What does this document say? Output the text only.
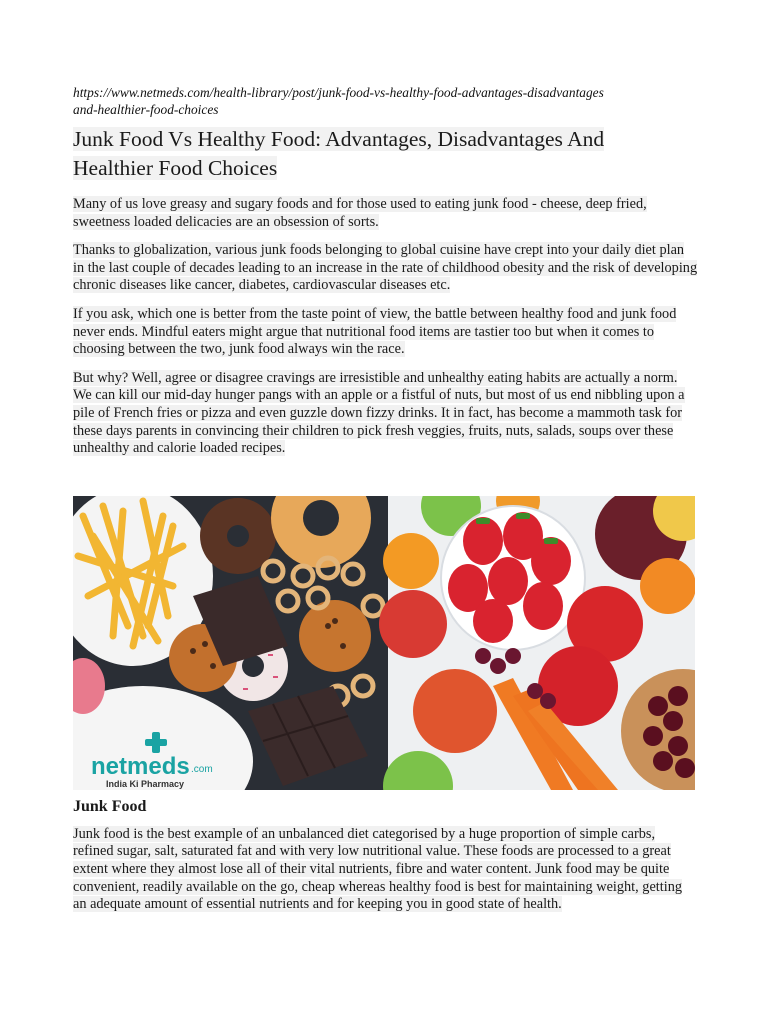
https://www.netmeds.com/health-library/post/junk-food-vs-healthy-food-advantages-disadvantages
and-healthier-food-choices
Junk Food Vs Healthy Food: Advantages, Disadvantages And
Healthier Food Choices

Many of us love greasy and sugary foods and for those used to eating junk food - cheese, deep fried, sweetness loaded delicacies are an obsession of sorts.

Thanks to globalization, various junk foods belonging to global cuisine have crept into your daily diet plan in the last couple of decades leading to an increase in the rate of childhood obesity and the risk of developing chronic diseases like cancer, diabetes, cardiovascular diseases etc.

If you ask, which one is better from the taste point of view, the battle between healthy food and junk food never ends. Mindful eaters might argue that nutritional food items are tastier too but when it comes to choosing between the two, junk food always win the race.

But why? Well, agree or disagree cravings are irresistible and unhealthy eating habits are actually a norm. We can kill our mid-day hunger pangs with an apple or a fistful of nuts, but most of us end nibbling upon a pile of French fries or pizza and even guzzle down fizzy drinks. It in fact, has become a mammoth task for these days parents in convincing their children to pick fresh veggies, fruits, nuts, salads, soups over these unhealthy and calorie loaded recipes.

netmeds .com
India Ki Pharmacy
Junk Food

Junk food is the best example of an unbalanced diet categorised by a huge proportion of simple carbs, refined sugar, salt, saturated fat and with very low nutritional value. These foods are processed to a great extent where they almost lose all of their vital nutrients, fibre and water content. Junk food may be quite convenient, readily available on the go, cheap whereas healthy food is best for maintaining weight, getting an adequate amount of essential nutrients and for keeping you in good state of health.
